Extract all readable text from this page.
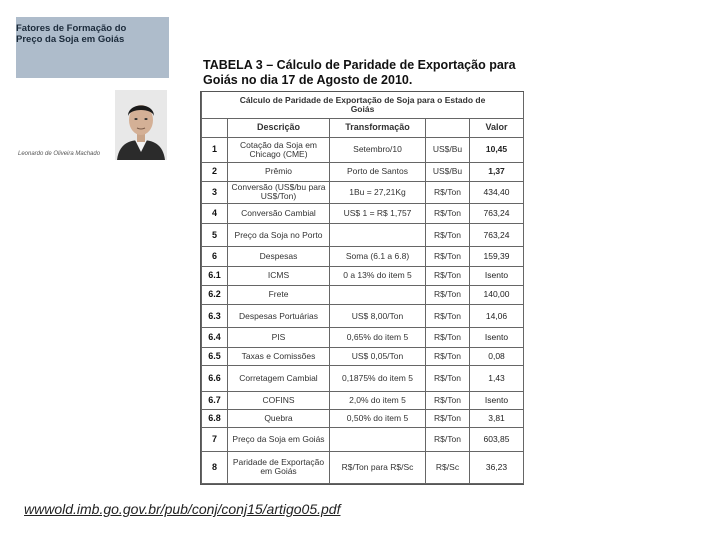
Fatores de Formação do
Preço da Soja em Goiás
Leonardo de Oliveira Machado
TABELA 3 – Cálculo de Paridade de Exportação para
Goiás no dia 17 de Agosto de 2010.
Cálculo de Paridade de Exportação de Soja para o Estado de
Goiás				

	Descrição	Transformação		Valor
1	Cotação da Soja em Chicago (CME)	Setembro/10	US$/Bu	10,45
2	Prêmio	Porto de Santos	US$/Bu	1,37
3	Conversão (US$/bu para US$/Ton)	1Bu = 27,21Kg	R$/Ton	434,40
4	Conversão Cambial	US$ 1 = R$ 1,757	R$/Ton	763,24
5	Preço da Soja no Porto		R$/Ton	763,24
6	Despesas	Soma (6.1 a 6.8)	R$/Ton	159,39
6.1	ICMS	0 a 13% do item 5	R$/Ton	Isento
6.2	Frete		R$/Ton	140,00
6.3	Despesas Portuárias	US$ 8,00/Ton	R$/Ton	14,06
6.4	PIS	0,65% do item 5	R$/Ton	Isento
6.5	Taxas e Comissões	US$ 0,05/Ton	R$/Ton	0,08
6.6	Corretagem Cambial	0,1875% do item 5	R$/Ton	1,43
6.7	COFINS	2,0% do item 5	R$/Ton	Isento
6.8	Quebra	0,50% do item 5	R$/Ton	3,81
7	Preço da Soja em Goiás		R$/Ton	603,85
8	Paridade de Exportação em Goiás	R$/Ton para R$/Sc	R$/Sc	36,23
wwwold.imb.go.gov.br/pub/conj/conj15/artigo05.pdf
